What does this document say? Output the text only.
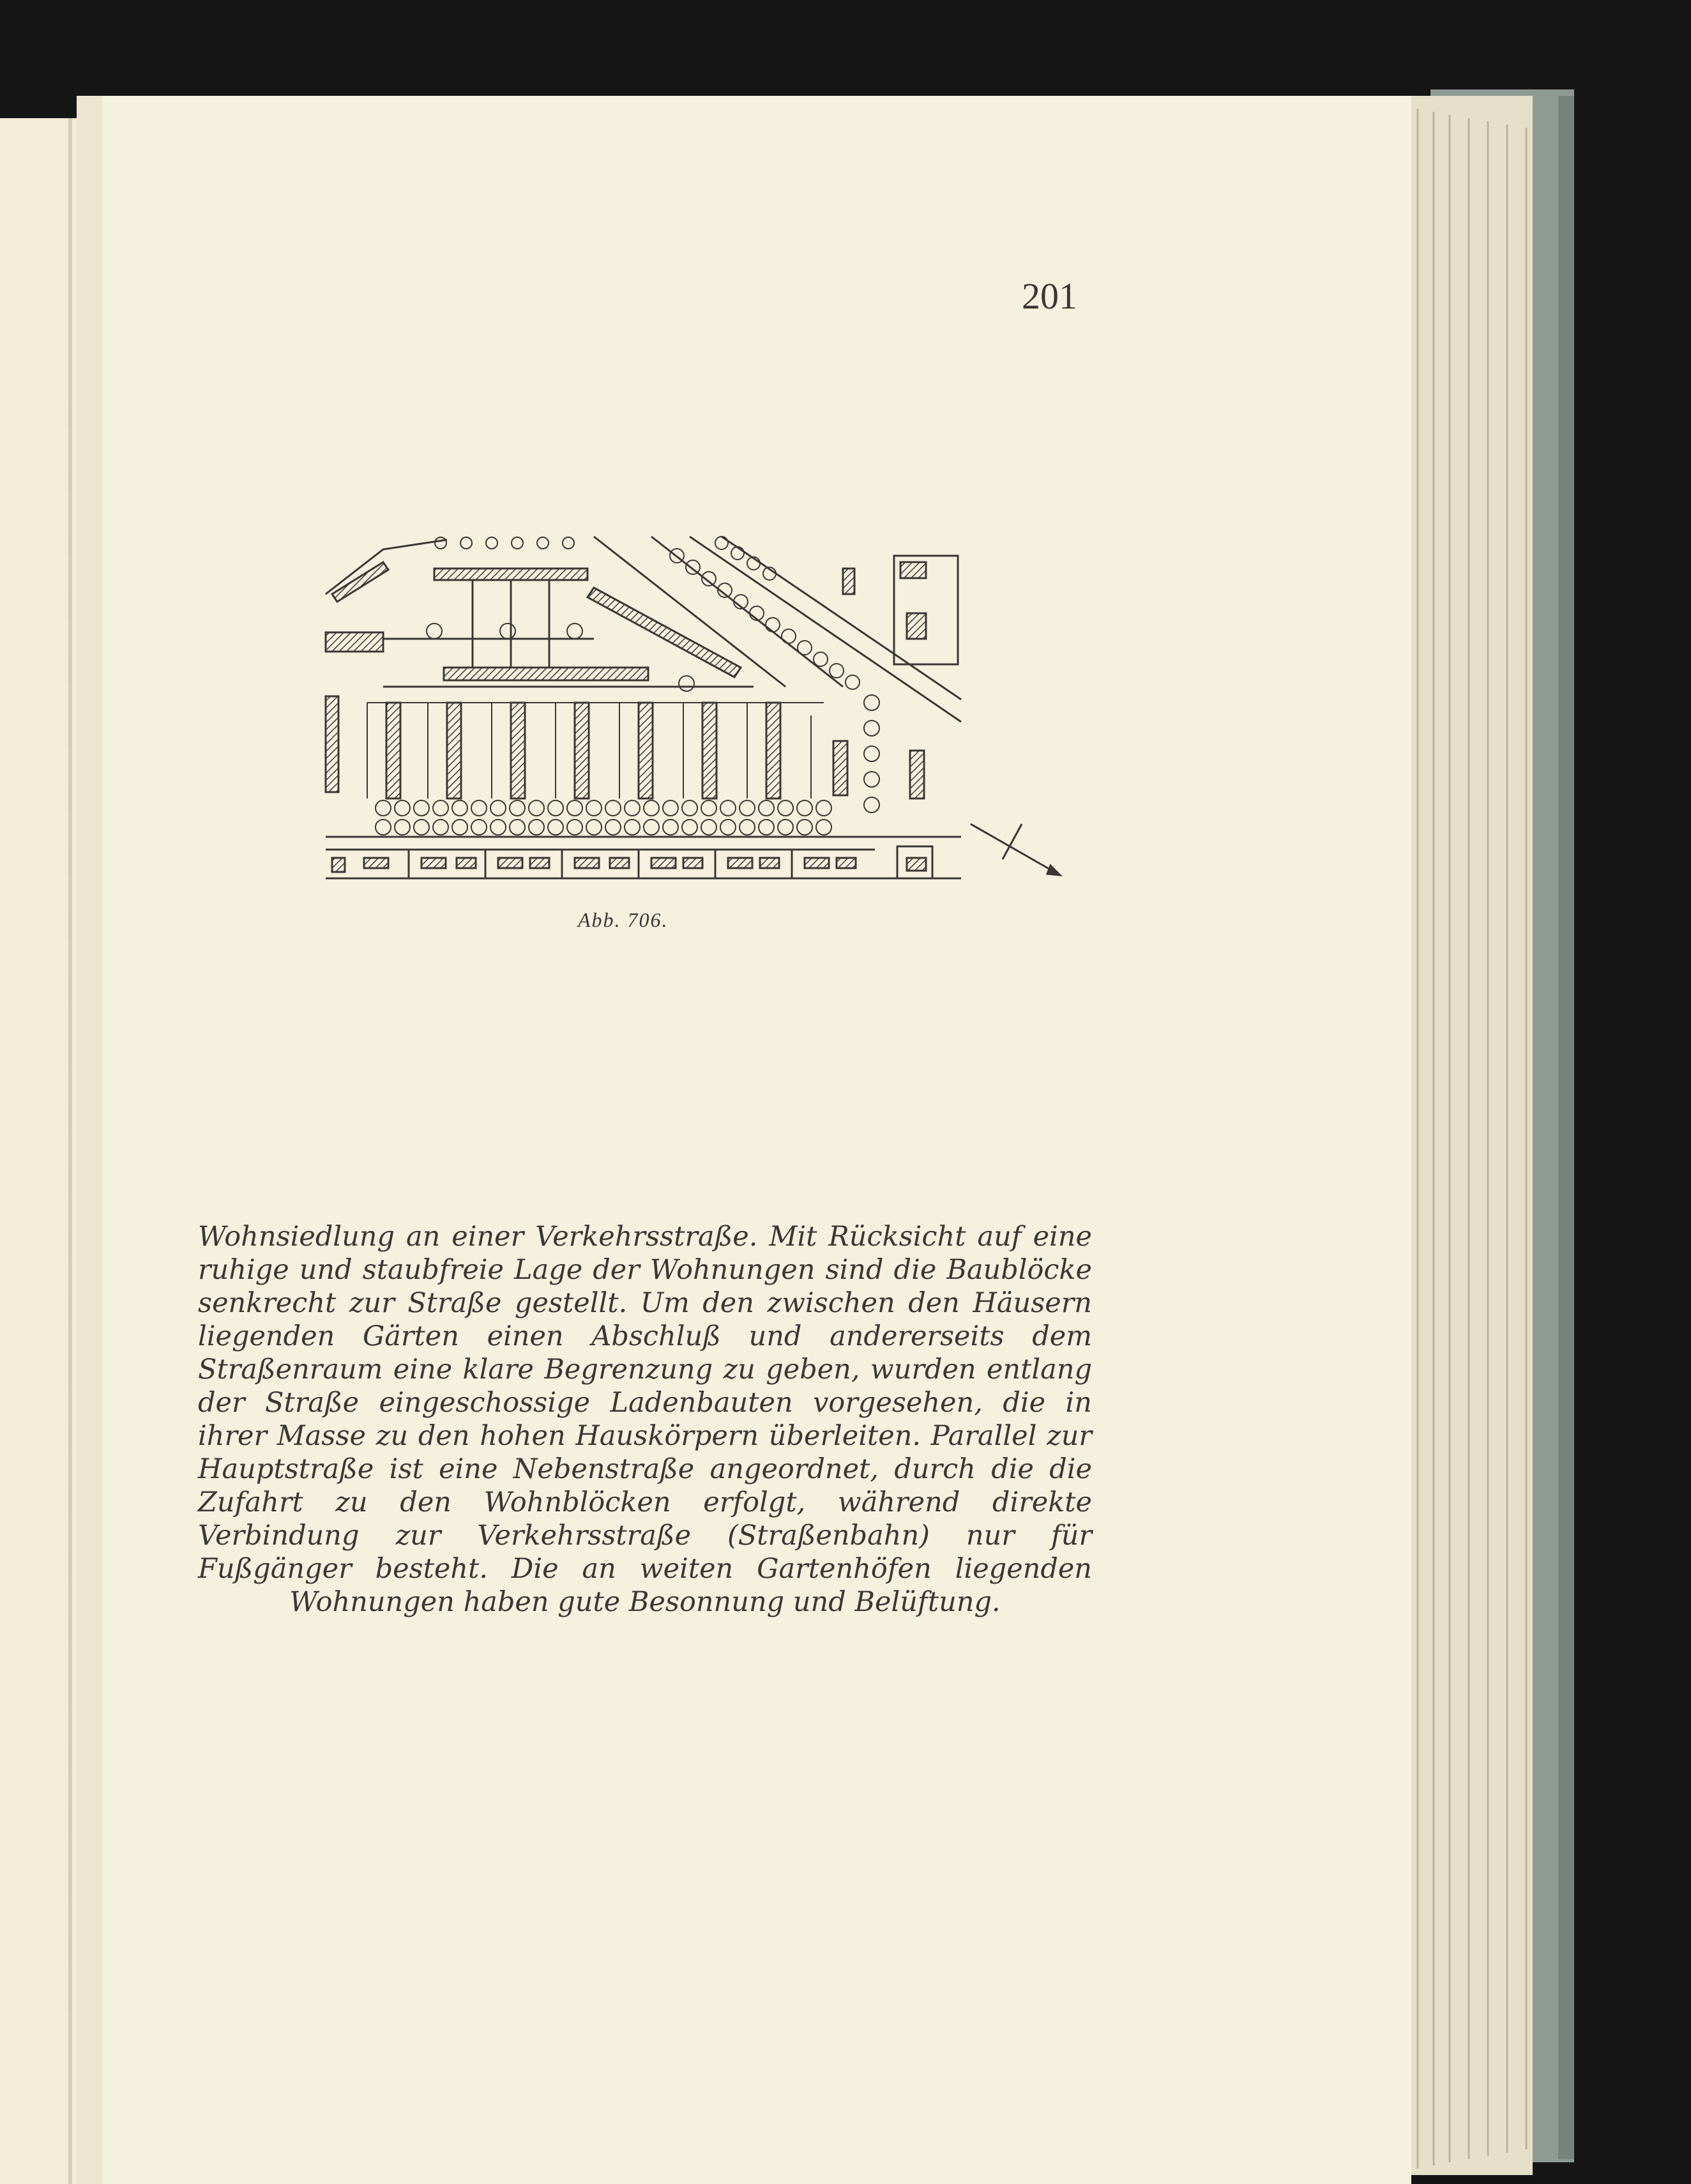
201
Abb. 706.
Wohnsiedlung an einer Verkehrsstraße. Mit Rücksicht auf eine ruhige und staubfreie Lage der Wohnungen sind die Baublöcke senkrecht zur Straße gestellt. Um den zwischen den Häusern liegenden Gärten einen Abschluß und andererseits dem Straßenraum eine klare Begrenzung zu geben, wurden entlang der Straße eingeschossige Ladenbauten vorgesehen, die in ihrer Masse zu den hohen Hauskörpern überleiten. Parallel zur Hauptstraße ist eine Nebenstraße angeordnet, durch die die Zufahrt zu den Wohnblöcken erfolgt, während direkte Verbindung zur Verkehrsstraße (Straßenbahn) nur für Fußgänger besteht. Die an weiten Gartenhöfen liegenden Wohnungen haben gute Besonnung und Belüftung.
